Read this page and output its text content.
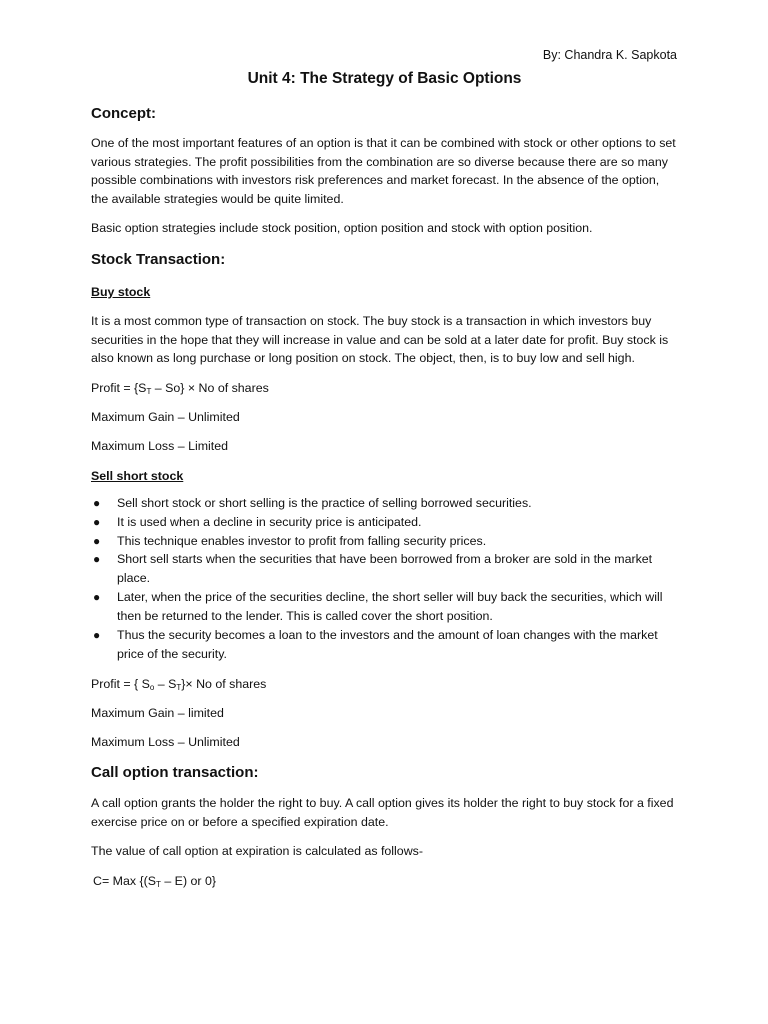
By: Chandra K. Sapkota

Unit 4: The Strategy of Basic Options
Concept:

One of the most important features of an option is that it can be combined with stock or other options to set various strategies. The profit possibilities from the combination are so diverse because there are so many possible combinations with investors risk preferences and market forecast. In the absence of the option, the available strategies would be quite limited.

Basic option strategies include stock position, option position and stock with option position.

Stock Transaction:

Buy stock

It is a most common type of transaction on stock. The buy stock is a transaction in which investors buy securities in the hope that they will increase in value and can be sold at a later date for profit. Buy stock is also known as long purchase or long position on stock. The object, then, is to buy low and sell high.

Profit = $\{S_T - So\} \times No$ of shares

Maximum Gain – Unlimited

Maximum Loss – Limited

Sell short stock

● Sell short stock or short selling is the practice of selling borrowed securities.
● It is used when a decline in security price is anticipated.
● This technique enables investor to profit from falling security prices.
● Short sell starts when the securities that have been borrowed from a broker are sold in the market place.
● Later, when the price of the securities decline, the short seller will buy back the securities, which will then be returned to the lender. This is called cover the short position.
● Thus the security becomes a loan to the investors and the amount of loan changes with the market price of the security.

Profit = { $S_o - S_T\}\times No$ of shares

Maximum Gain – limited

Maximum Loss – Unlimited

Call option transaction:

A call option grants the holder the right to buy. A call option gives its holder the right to buy stock for a fixed exercise price on or before a specified expiration date.

The value of call option at expiration is calculated as follows-

C= Max {$(S_T - E)$ or 0}
